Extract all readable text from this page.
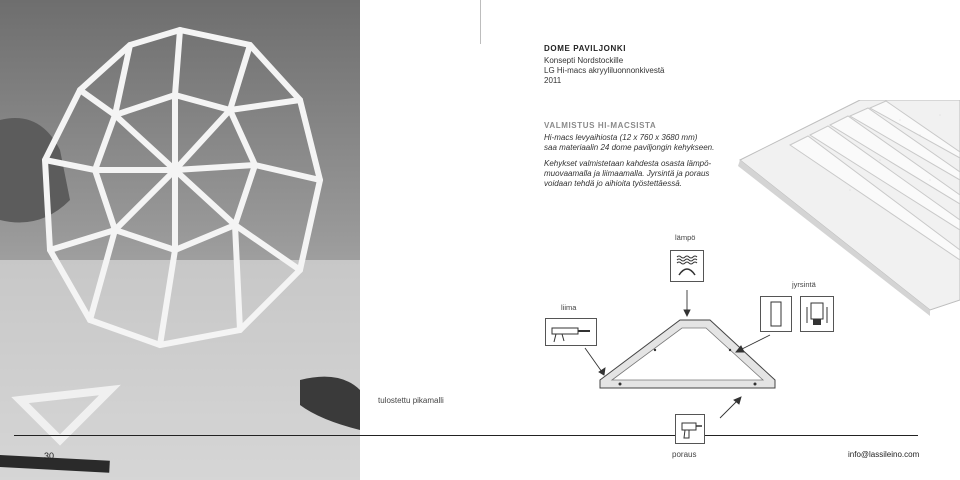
tulostettu pikamalli
30
DOME PAVILJONKI
Konsepti Nordstockille
LG Hi-macs akryyliluonnonkivestä
2011
VALMISTUS HI-MACSISTA
Hi-macs levyaihiosta (12 x 760 x 3680 mm)
saa materiaalin 24 dome paviljongin kehykseen.
Kehykset valmistetaan kahdesta osasta lämpö-
muovaamalla ja liimaamalla. Jyrsintä ja poraus
voidaan tehdä jo aihioita työstettäessä.
lämpö
liima
jyrsintä
poraus	info@lassileino.com
